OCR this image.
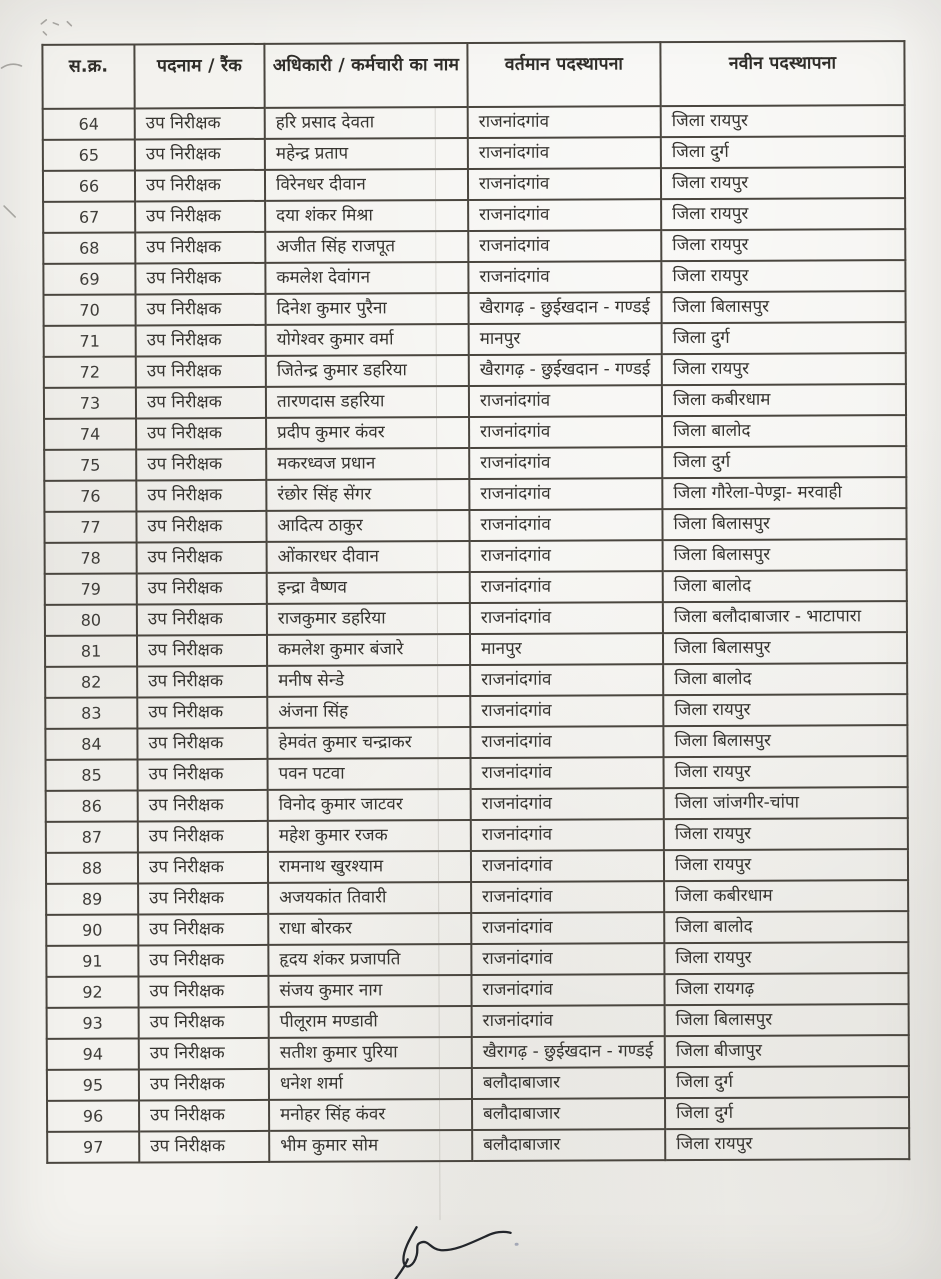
स.क्र.	पदनाम / रैंक	अधिकारी / कर्मचारी का नाम	वर्तमान पदस्थापना	नवीन पदस्थापना
64	उप निरीक्षक	हरि प्रसाद देवता	राजनांदगांव	जिला रायपुर
65	उप निरीक्षक	महेन्द्र प्रताप	राजनांदगांव	जिला दुर्ग
66	उप निरीक्षक	विरेनधर दीवान	राजनांदगांव	जिला रायपुर
67	उप निरीक्षक	दया शंकर मिश्रा	राजनांदगांव	जिला रायपुर
68	उप निरीक्षक	अजीत सिंह राजपूत	राजनांदगांव	जिला रायपुर
69	उप निरीक्षक	कमलेश देवांगन	राजनांदगांव	जिला रायपुर
70	उप निरीक्षक	दिनेश कुमार पुरैना	खैरागढ़ - छुईखदान - गण्डई	जिला बिलासपुर
71	उप निरीक्षक	योगेश्वर कुमार वर्मा	मानपुर	जिला दुर्ग
72	उप निरीक्षक	जितेन्द्र कुमार डहरिया	खैरागढ़ - छुईखदान - गण्डई	जिला रायपुर
73	उप निरीक्षक	तारणदास डहरिया	राजनांदगांव	जिला कबीरधाम
74	उप निरीक्षक	प्रदीप कुमार कंवर	राजनांदगांव	जिला बालोद
75	उप निरीक्षक	मकरध्वज प्रधान	राजनांदगांव	जिला दुर्ग
76	उप निरीक्षक	रंछोर सिंह सेंगर	राजनांदगांव	जिला गौरेला-पेण्ड्रा- मरवाही
77	उप निरीक्षक	आदित्य ठाकुर	राजनांदगांव	जिला बिलासपुर
78	उप निरीक्षक	ओंकारधर दीवान	राजनांदगांव	जिला बिलासपुर
79	उप निरीक्षक	इन्द्रा वैष्णव	राजनांदगांव	जिला बालोद
80	उप निरीक्षक	राजकुमार डहरिया	राजनांदगांव	जिला बलौदाबाजार - भाटापारा
81	उप निरीक्षक	कमलेश कुमार बंजारे	मानपुर	जिला बिलासपुर
82	उप निरीक्षक	मनीष सेन्डे	राजनांदगांव	जिला बालोद
83	उप निरीक्षक	अंजना सिंह	राजनांदगांव	जिला रायपुर
84	उप निरीक्षक	हेमवंत कुमार चन्द्राकर	राजनांदगांव	जिला बिलासपुर
85	उप निरीक्षक	पवन पटवा	राजनांदगांव	जिला रायपुर
86	उप निरीक्षक	विनोद कुमार जाटवर	राजनांदगांव	जिला जांजगीर-चांपा
87	उप निरीक्षक	महेश कुमार रजक	राजनांदगांव	जिला रायपुर
88	उप निरीक्षक	रामनाथ खुरश्याम	राजनांदगांव	जिला रायपुर
89	उप निरीक्षक	अजयकांत तिवारी	राजनांदगांव	जिला कबीरधाम
90	उप निरीक्षक	राधा बोरकर	राजनांदगांव	जिला बालोद
91	उप निरीक्षक	हृदय शंकर प्रजापति	राजनांदगांव	जिला रायपुर
92	उप निरीक्षक	संजय कुमार नाग	राजनांदगांव	जिला रायगढ़
93	उप निरीक्षक	पीलूराम मण्डावी	राजनांदगांव	जिला बिलासपुर
94	उप निरीक्षक	सतीश कुमार पुरिया	खैरागढ़ - छुईखदान - गण्डई	जिला बीजापुर
95	उप निरीक्षक	धनेश शर्मा	बलौदाबाजार	जिला दुर्ग
96	उप निरीक्षक	मनोहर सिंह कंवर	बलौदाबाजार	जिला दुर्ग
97	उप निरीक्षक	भीम कुमार सोम	बलौदाबाजार	जिला रायपुर
